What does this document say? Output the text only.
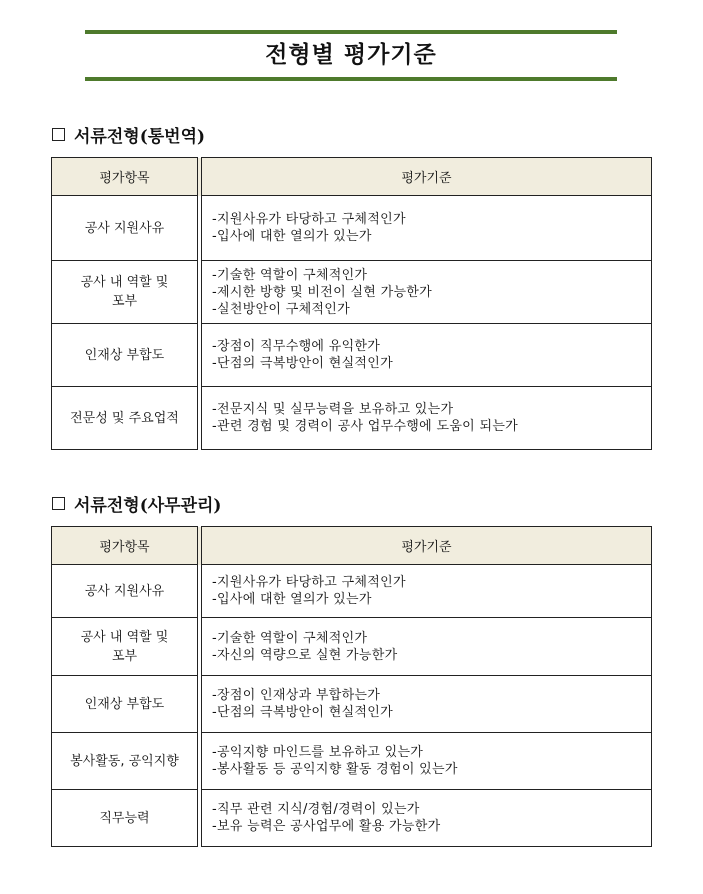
전형별 평가기준
서류전형(통번역)
평가항목		평가기준

공사 지원사유		-지원사유가 타당하고 구체적인가
-입사에 대한 열의가 있는가

공사 내 역할 및
포부		-기술한 역할이 구체적인가
-제시한 방향 및 비전이 실현 가능한가
-실천방안이 구체적인가

인재상 부합도		-장점이 직무수행에 유익한가
-단점의 극복방안이 현실적인가

전문성 및 주요업적		-전문지식 및 실무능력을 보유하고 있는가
-관련 경험 및 경력이 공사 업무수행에 도움이 되는가
서류전형(사무관리)
평가항목		평가기준

공사 지원사유		-지원사유가 타당하고 구체적인가
-입사에 대한 열의가 있는가

공사 내 역할 및
포부		-기술한 역할이 구체적인가
-자신의 역량으로 실현 가능한가

인재상 부합도		-장점이 인재상과 부합하는가
-단점의 극복방안이 현실적인가

봉사활동, 공익지향		-공익지향 마인드를 보유하고 있는가
-봉사활동 등 공익지향 활동 경험이 있는가

직무능력		-직무 관련 지식/경험/경력이 있는가
-보유 능력은 공사업무에 활용 가능한가
